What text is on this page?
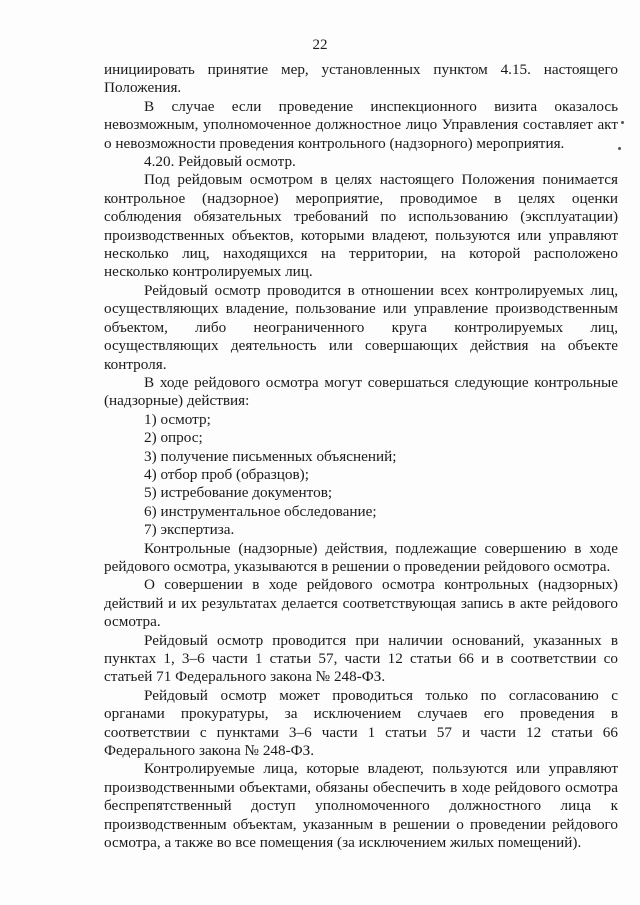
22

инициировать принятие мер, установленных пунктом 4.15. настоящего Положения.

В случае если проведение инспекционного визита оказалось невозможным, уполномоченное должностное лицо Управления составляет акт о невозможности проведения контрольного (надзорного) мероприятия.

4.20. Рейдовый осмотр.

Под рейдовым осмотром в целях настоящего Положения понимается контрольное (надзорное) мероприятие, проводимое в целях оценки соблюдения обязательных требований по использованию (эксплуатации) производственных объектов, которыми владеют, пользуются или управляют несколько лиц, находящихся на территории, на которой расположено несколько контролируемых лиц.

Рейдовый осмотр проводится в отношении всех контролируемых лиц, осуществляющих владение, пользование или управление производственным объектом, либо неограниченного круга контролируемых лиц, осуществляющих деятельность или совершающих действия на объекте контроля.

В ходе рейдового осмотра могут совершаться следующие контрольные (надзорные) действия:

1) осмотр;

2) опрос;

3) получение письменных объяснений;

4) отбор проб (образцов);

5) истребование документов;

6) инструментальное обследование;

7) экспертиза.

Контрольные (надзорные) действия, подлежащие совершению в ходе рейдового осмотра, указываются в решении о проведении рейдового осмотра.

О совершении в ходе рейдового осмотра контрольных (надзорных) действий и их результатах делается соответствующая запись в акте рейдового осмотра.

Рейдовый осмотр проводится при наличии оснований, указанных в пунктах 1, 3–6 части 1 статьи 57, части 12 статьи 66 и в соответствии со статьей 71 Федерального закона № 248-ФЗ.

Рейдовый осмотр может проводиться только по согласованию с органами прокуратуры, за исключением случаев его проведения в соответствии с пунктами 3–6 части 1 статьи 57 и части 12 статьи 66 Федерального закона № 248-ФЗ.

Контролируемые лица, которые владеют, пользуются или управляют производственными объектами, обязаны обеспечить в ходе рейдового осмотра беспрепятственный доступ уполномоченного должностного лица к производственным объектам, указанным в решении о проведении рейдового осмотра, а также во все помещения (за исключением жилых помещений).
